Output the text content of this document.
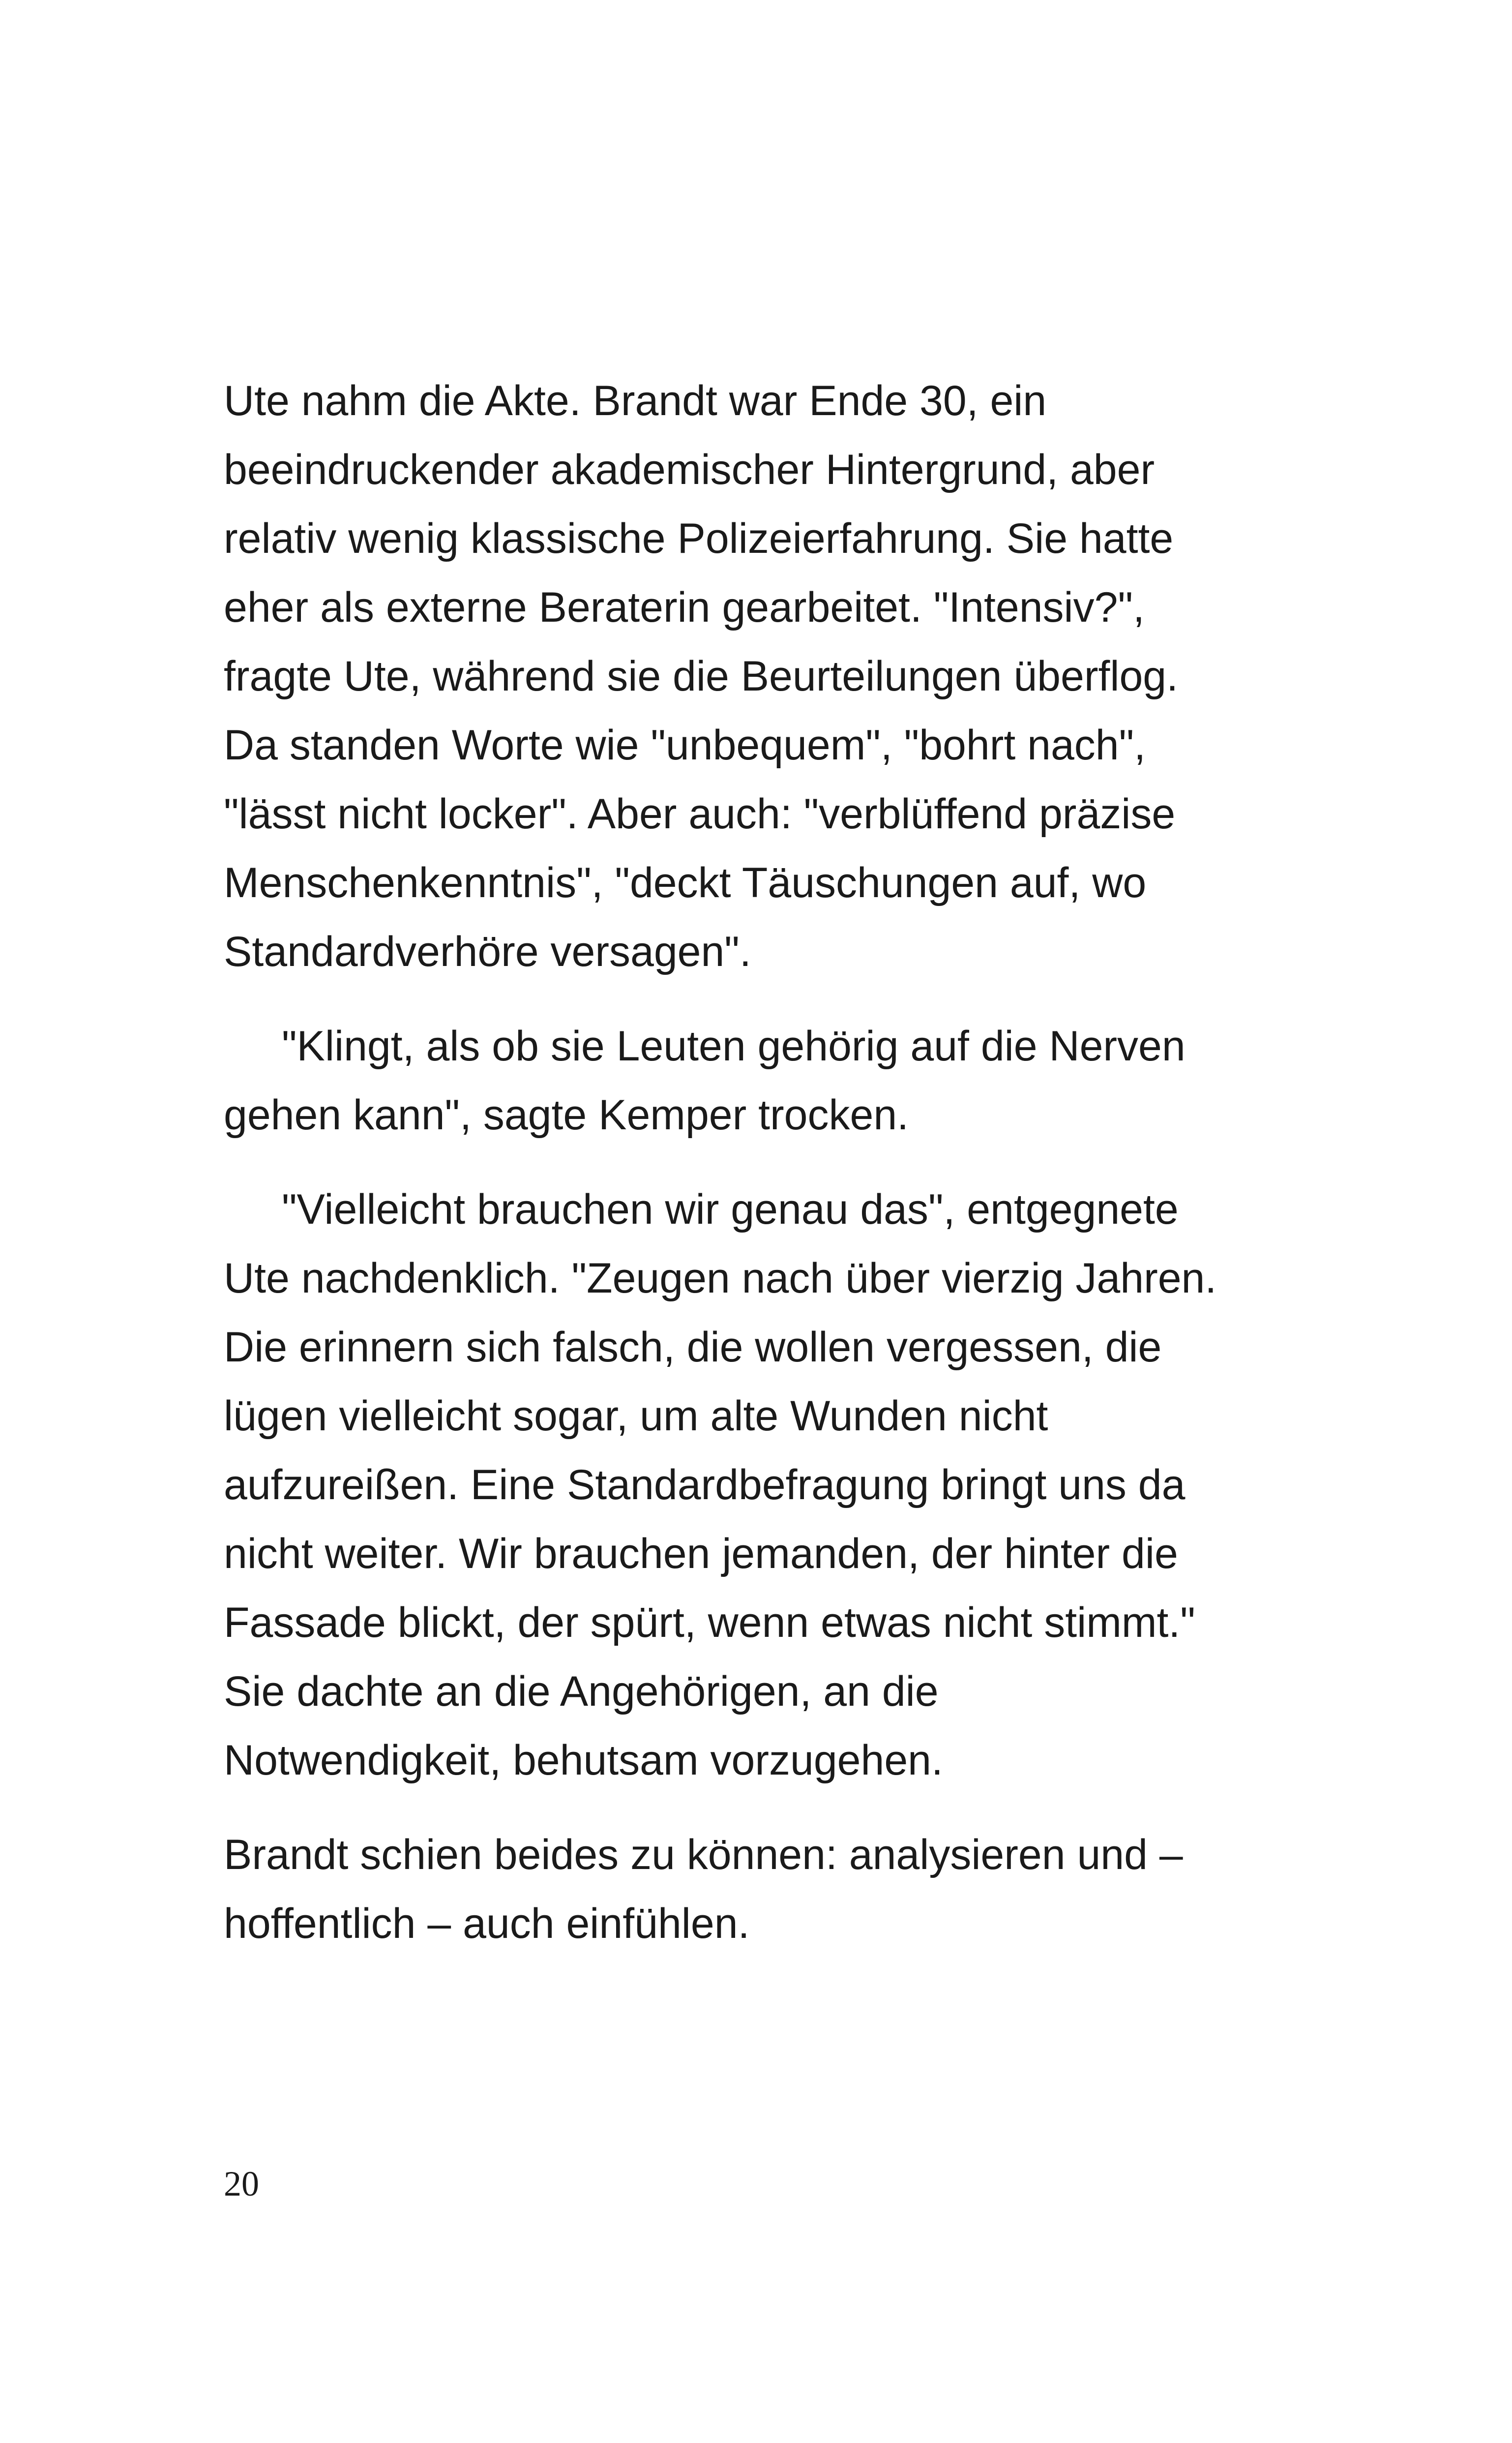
Ute nahm die Akte. Brandt war Ende 30, ein
beeindruckender akademischer Hintergrund, aber
relativ wenig klassische Polizeierfahrung. Sie hatte
eher als externe Beraterin gearbeitet. "Intensiv?",
fragte Ute, während sie die Beurteilungen überflog.
Da standen Worte wie "unbequem", "bohrt nach",
"lässt nicht locker". Aber auch: "verblüffend präzise
Menschenkenntnis", "deckt Täuschungen auf, wo
Standardverhöre versagen".

"Klingt, als ob sie Leuten gehörig auf die Nerven
gehen kann", sagte Kemper trocken.

"Vielleicht brauchen wir genau das", entgegnete
Ute nachdenklich. "Zeugen nach über vierzig Jahren.
Die erinnern sich falsch, die wollen vergessen, die
lügen vielleicht sogar, um alte Wunden nicht
aufzureißen. Eine Standardbefragung bringt uns da
nicht weiter. Wir brauchen jemanden, der hinter die
Fassade blickt, der spürt, wenn etwas nicht stimmt."
Sie dachte an die Angehörigen, an die
Notwendigkeit, behutsam vorzugehen.

Brandt schien beides zu können: analysieren und –
hoffentlich – auch einfühlen.

20
